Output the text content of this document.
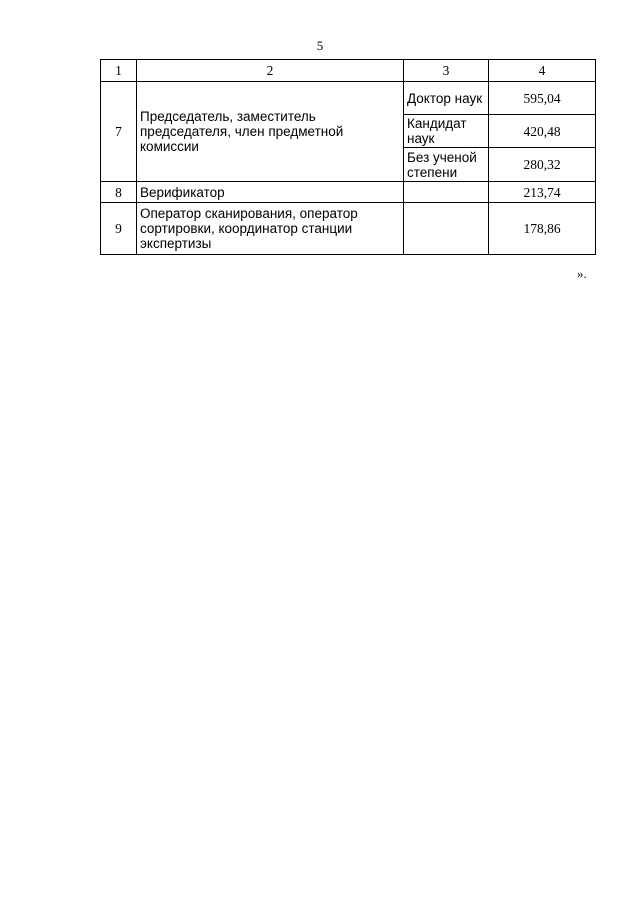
5
1	2	3	4
7	Председатель, заместитель председателя, член предметной комиссии	Доктор наук	595,04
		Кандидат наук	420,48
		Без ученой степени	280,32
8	Верификатор		213,74
9	Оператор сканирования, оператор сортировки, координатор станции экспертизы		178,86
».
